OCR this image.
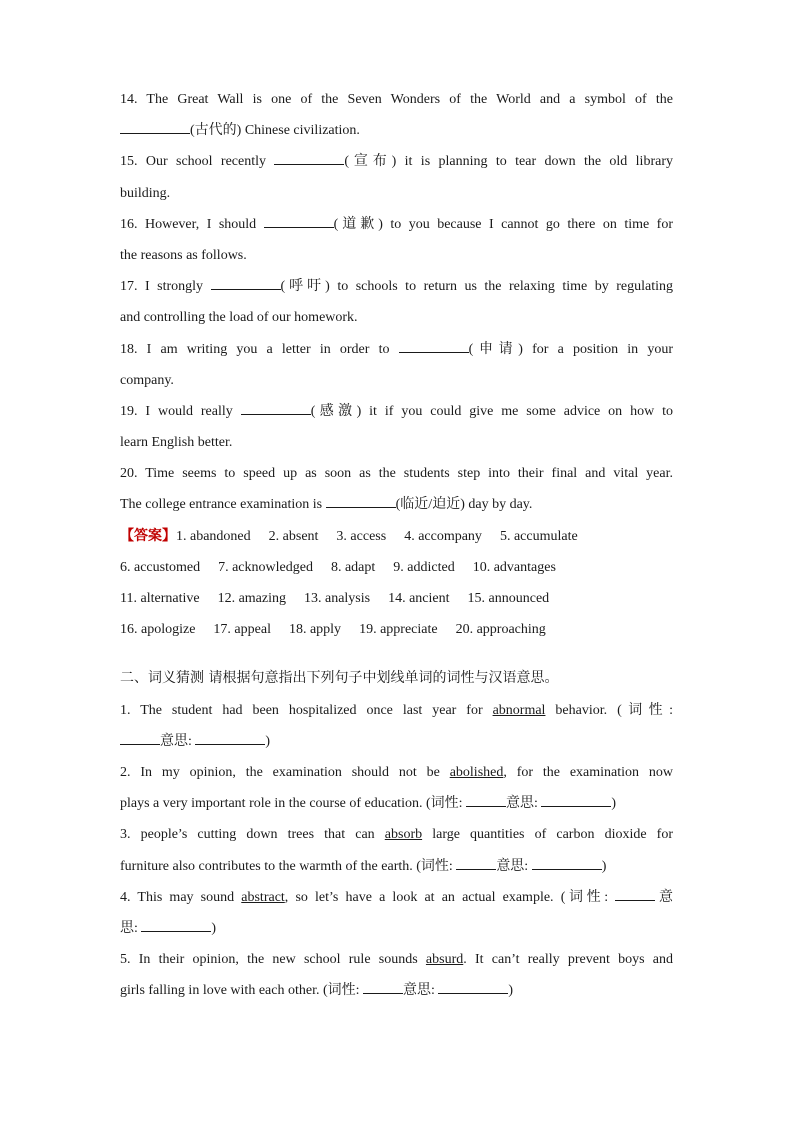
14. The Great Wall is one of the Seven Wonders of the World and a symbol of the
(古代的) Chinese civilization.
15. Our school recently	(宣布) it is planning to tear down the old library
building.
16. However, I should	(道歉) to you because I cannot go there on time for
the reasons as follows.
17. I strongly	(呼吁) to schools to return us the relaxing time by regulating
and controlling the load of our homework.
18. I am writing you a letter in order to	(申请) for a position in your
company.
19. I would really	(感激) it if you could give me some advice on how to
learn English better.
20. Time seems to speed up as soon as the students step into their final and vital year.
The college entrance examination is	(临近/迫近) day by day.
【答案】1. abandoned 2. absent 3. access 4. accompany 5. accumulate
6. accustomed 7. acknowledged 8. adapt 9. addicted 10. advantages
11. alternative 12. amazing 13. analysis 14. ancient 15. announced
16. apologize 17. appeal 18. apply 19. appreciate 20. approaching
二、词义猜测 请根据句意指出下列句子中划线单词的词性与汉语意思。
1. The student had been hospitalized once last year for abnormal behavior. (词性:
意思:	)
2. In my opinion, the examination should not be abolished, for the examination now
plays a very important role in the course of education. (词性:	意思:	)
3. people’s cutting down trees that can absorb large quantities of carbon dioxide for
furniture also contributes to the warmth of the earth. (词性:	意思:	)
4. This may sound abstract, so let’s have a look at an actual example. (词性:	意
思:	)
5. In their opinion, the new school rule sounds absurd. It can’t really prevent boys and
girls falling in love with each other. (词性:	意思:	)
